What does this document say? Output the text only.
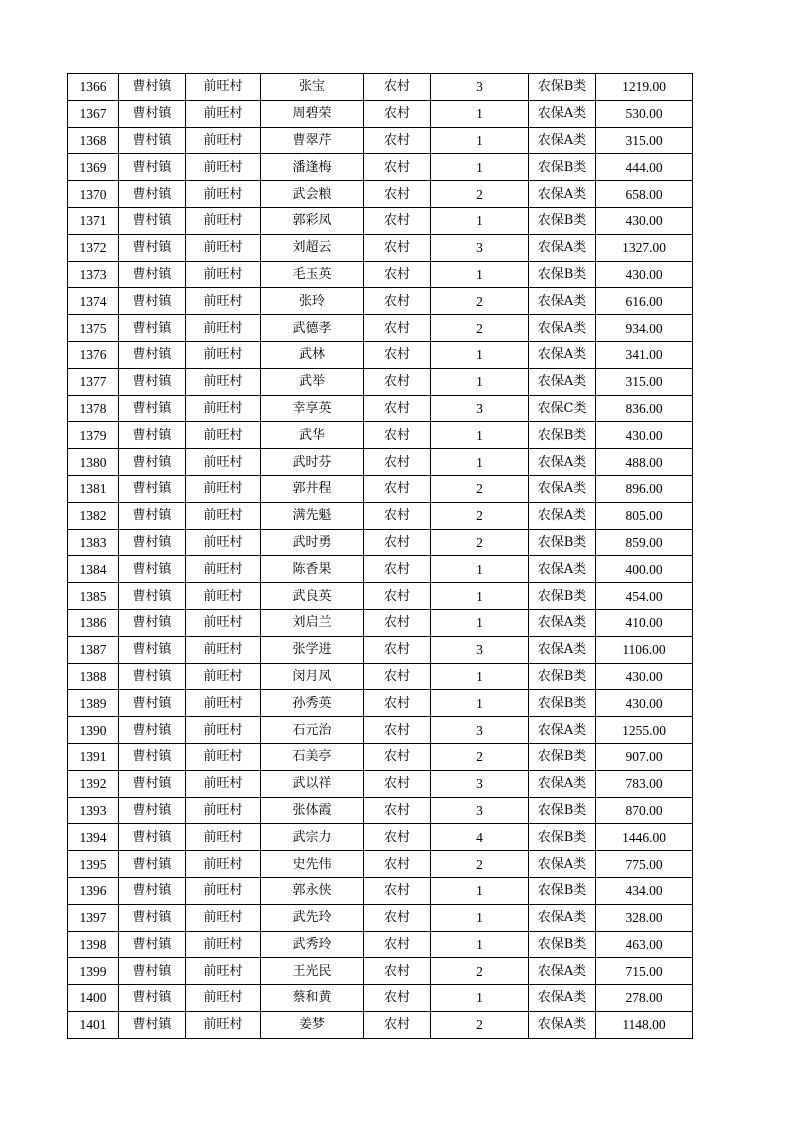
1366	曹村镇	前旺村	张宝	农村	3	农保B类	1219.00
1367	曹村镇	前旺村	周碧荣	农村	1	农保A类	530.00
1368	曹村镇	前旺村	曹翠芹	农村	1	农保A类	315.00
1369	曹村镇	前旺村	潘逢梅	农村	1	农保B类	444.00
1370	曹村镇	前旺村	武会粮	农村	2	农保A类	658.00
1371	曹村镇	前旺村	郭彩凤	农村	1	农保B类	430.00
1372	曹村镇	前旺村	刘超云	农村	3	农保A类	1327.00
1373	曹村镇	前旺村	毛玉英	农村	1	农保B类	430.00
1374	曹村镇	前旺村	张玲	农村	2	农保A类	616.00
1375	曹村镇	前旺村	武德孝	农村	2	农保A类	934.00
1376	曹村镇	前旺村	武林	农村	1	农保A类	341.00
1377	曹村镇	前旺村	武举	农村	1	农保A类	315.00
1378	曹村镇	前旺村	幸享英	农村	3	农保C类	836.00
1379	曹村镇	前旺村	武华	农村	1	农保B类	430.00
1380	曹村镇	前旺村	武时芬	农村	1	农保A类	488.00
1381	曹村镇	前旺村	郭井程	农村	2	农保A类	896.00
1382	曹村镇	前旺村	满先魁	农村	2	农保A类	805.00
1383	曹村镇	前旺村	武时勇	农村	2	农保B类	859.00
1384	曹村镇	前旺村	陈香果	农村	1	农保A类	400.00
1385	曹村镇	前旺村	武良英	农村	1	农保B类	454.00
1386	曹村镇	前旺村	刘启兰	农村	1	农保A类	410.00
1387	曹村镇	前旺村	张学进	农村	3	农保A类	1106.00
1388	曹村镇	前旺村	闵月凤	农村	1	农保B类	430.00
1389	曹村镇	前旺村	孙秀英	农村	1	农保B类	430.00
1390	曹村镇	前旺村	石元治	农村	3	农保A类	1255.00
1391	曹村镇	前旺村	石美亭	农村	2	农保B类	907.00
1392	曹村镇	前旺村	武以祥	农村	3	农保A类	783.00
1393	曹村镇	前旺村	张体霞	农村	3	农保B类	870.00
1394	曹村镇	前旺村	武宗力	农村	4	农保B类	1446.00
1395	曹村镇	前旺村	史先伟	农村	2	农保A类	775.00
1396	曹村镇	前旺村	郭永侠	农村	1	农保B类	434.00
1397	曹村镇	前旺村	武先玲	农村	1	农保A类	328.00
1398	曹村镇	前旺村	武秀玲	农村	1	农保B类	463.00
1399	曹村镇	前旺村	王光民	农村	2	农保A类	715.00
1400	曹村镇	前旺村	蔡和黄	农村	1	农保A类	278.00
1401	曹村镇	前旺村	姜梦	农村	2	农保A类	1148.00
